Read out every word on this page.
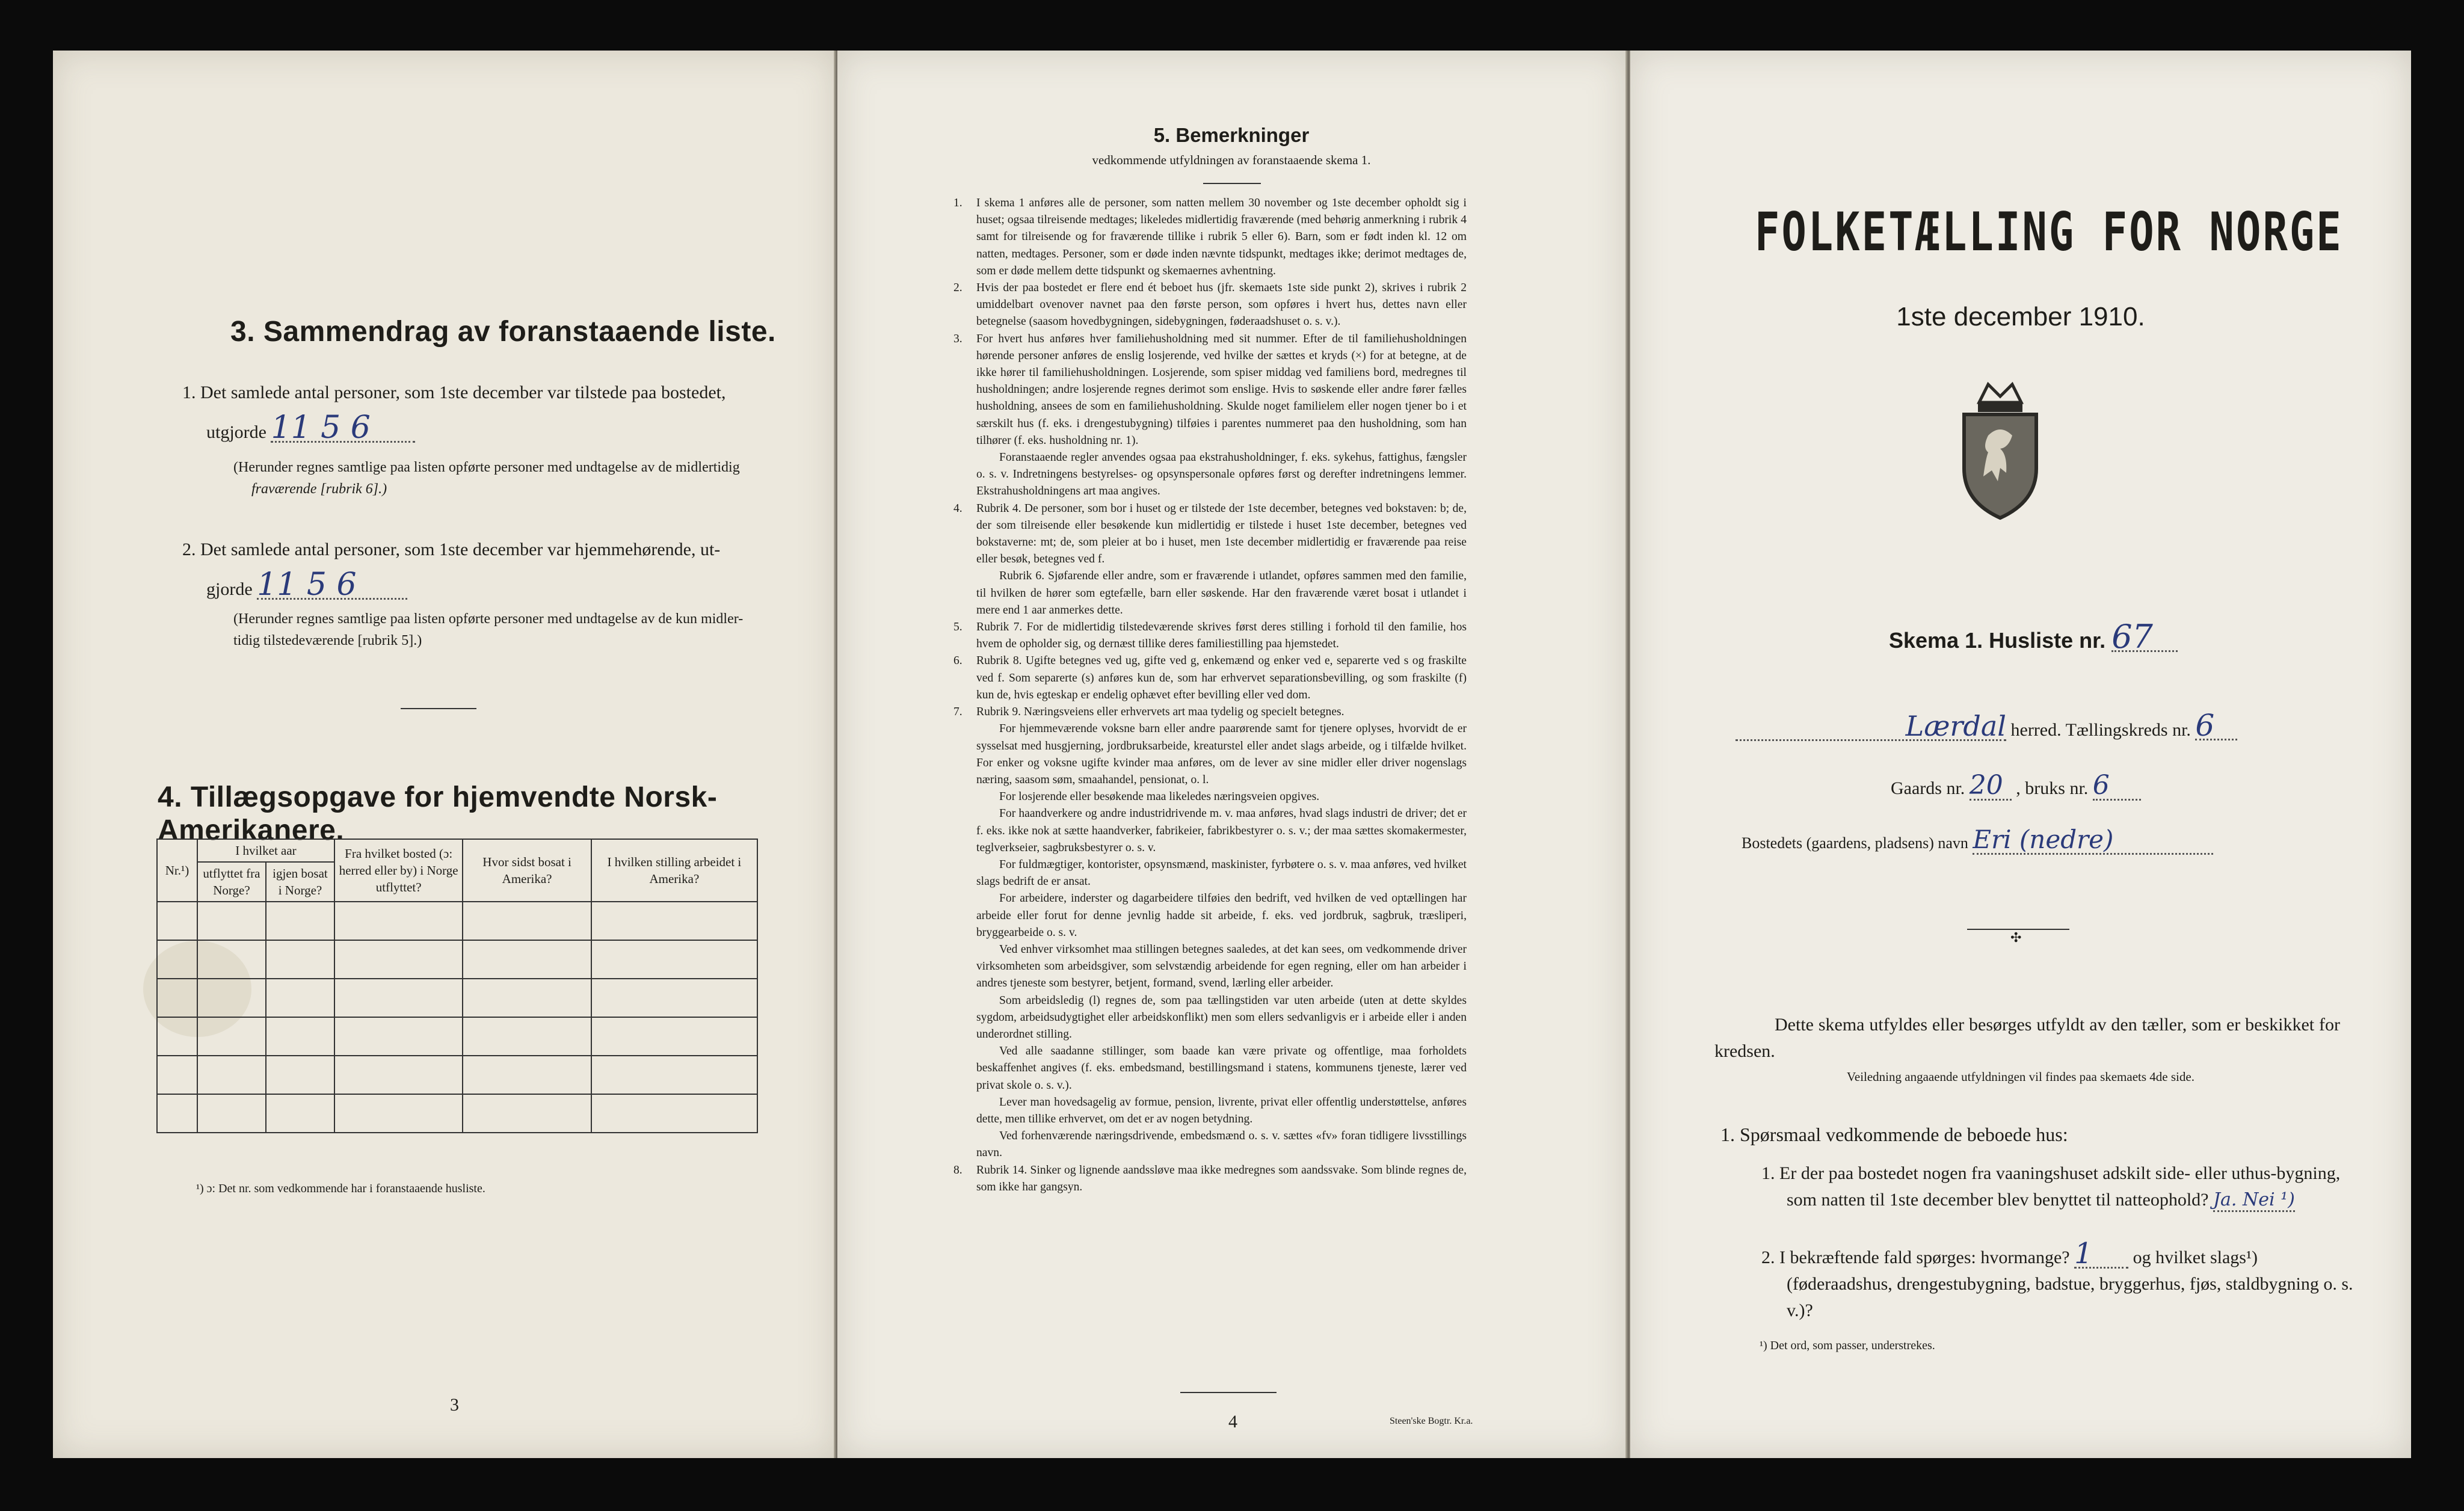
3. Sammendrag av foranstaaende liste.
1. Det samlede antal personer, som 1ste december var tilstede paa bostedet,
utgjorde 11 5 6
(Herunder regnes samtlige paa listen opførte personer med undtagelse av de midlertidig
fraværende [rubrik 6].)
2. Det samlede antal personer, som 1ste december var hjemmehørende, ut-
gjorde 11 5 6
(Herunder regnes samtlige paa listen opførte personer med undtagelse av de kun midler-
tidig tilstedeværende [rubrik 5].)
4. Tillægsopgave for hjemvendte Norsk-Amerikanere.
Nr.¹)	I hvilket aar		Fra hvilket bosted (ɔ: herred eller by) i Norge utflyttet?	Hvor sidst bosat i Amerika?	I hvilken stilling arbeidet i Amerika?
	utflyttet fra Norge?	igjen bosat i Norge?			

¹) ɔ: Det nr. som vedkommende har i foranstaaende husliste.
3
5. Bemerkninger
vedkommende utfyldningen av foranstaaende skema 1.

1. I skema 1 anføres alle de personer, som natten mellem 30 november og 1ste december opholdt sig i huset; ogsaa tilreisende medtages; likeledes midlertidig fraværende (med behørig anmerkning i rubrik 4 samt for tilreisende og for fraværende tillike i rubrik 5 eller 6). Barn, som er født inden kl. 12 om natten, medtages. Personer, som er døde inden nævnte tidspunkt, medtages ikke; derimot medtages de, som er døde mellem dette tidspunkt og skemaernes avhentning.

2. Hvis der paa bostedet er flere end ét beboet hus (jfr. skemaets 1ste side punkt 2), skrives i rubrik 2 umiddelbart ovenover navnet paa den første person, som opføres i hvert hus, dettes navn eller betegnelse (saasom hovedbygningen, sidebygningen, føderaadshuset o. s. v.).

3. For hvert hus anføres hver familiehusholdning med sit nummer. Efter de til familiehusholdningen hørende personer anføres de enslig losjerende, ved hvilke der sættes et kryds (×) for at betegne, at de ikke hører til familiehusholdningen. Losjerende, som spiser middag ved familiens bord, medregnes til husholdningen; andre losjerende regnes derimot som enslige. Hvis to søskende eller andre fører fælles husholdning, ansees de som en familiehusholdning. Skulde noget familielem eller nogen tjener bo i et særskilt hus (f. eks. i drengestubygning) tilføies i parentes nummeret paa den husholdning, som han tilhører (f. eks. husholdning nr. 1).

Foranstaaende regler anvendes ogsaa paa ekstrahusholdninger, f. eks. sykehus, fattighus, fængsler o. s. v. Indretningens bestyrelses- og opsynspersonale opføres først og derefter indretningens lemmer. Ekstrahusholdningens art maa angives.

4. Rubrik 4. De personer, som bor i huset og er tilstede der 1ste december, betegnes ved bokstaven: b; de, der som tilreisende eller besøkende kun midlertidig er tilstede i huset 1ste december, betegnes ved bokstaverne: mt; de, som pleier at bo i huset, men 1ste december midlertidig er fraværende paa reise eller besøk, betegnes ved f.

Rubrik 6. Sjøfarende eller andre, som er fraværende i utlandet, opføres sammen med den familie, til hvilken de hører som egtefælle, barn eller søskende. Har den fraværende været bosat i utlandet i mere end 1 aar anmerkes dette.

5. Rubrik 7. For de midlertidig tilstedeværende skrives først deres stilling i forhold til den familie, hos hvem de opholder sig, og dernæst tillike deres familiestilling paa hjemstedet.

6. Rubrik 8. Ugifte betegnes ved ug, gifte ved g, enkemænd og enker ved e, separerte ved s og fraskilte ved f. Som separerte (s) anføres kun de, som har erhvervet separationsbevilling, og som fraskilte (f) kun de, hvis egteskap er endelig ophævet efter bevilling eller ved dom.

7. Rubrik 9. Næringsveiens eller erhvervets art maa tydelig og specielt betegnes.

For hjemmeværende voksne barn eller andre paarørende samt for tjenere oplyses, hvorvidt de er sysselsat med husgjerning, jordbruksarbeide, kreaturstel eller andet slags arbeide, og i tilfælde hvilket. For enker og voksne ugifte kvinder maa anføres, om de lever av sine midler eller driver nogenslags næring, saasom søm, smaahandel, pensionat, o. l.

For losjerende eller besøkende maa likeledes næringsveien opgives.

For haandverkere og andre industridrivende m. v. maa anføres, hvad slags industri de driver; det er f. eks. ikke nok at sætte haandverker, fabrikeier, fabrikbestyrer o. s. v.; der maa sættes skomakermester, teglverkseier, sagbruksbestyrer o. s. v.

For fuldmægtiger, kontorister, opsynsmænd, maskinister, fyrbøtere o. s. v. maa anføres, ved hvilket slags bedrift de er ansat.

For arbeidere, inderster og dagarbeidere tilføies den bedrift, ved hvilken de ved optællingen har arbeide eller forut for denne jevnlig hadde sit arbeide, f. eks. ved jordbruk, sagbruk, træsliperi, bryggearbeide o. s. v.

Ved enhver virksomhet maa stillingen betegnes saaledes, at det kan sees, om vedkommende driver virksomheten som arbeidsgiver, som selvstændig arbeidende for egen regning, eller om han arbeider i andres tjeneste som bestyrer, betjent, formand, svend, lærling eller arbeider.

Som arbeidsledig (l) regnes de, som paa tællingstiden var uten arbeide (uten at dette skyldes sygdom, arbeidsudygtighet eller arbeidskonflikt) men som ellers sedvanligvis er i arbeide eller i anden underordnet stilling.

Ved alle saadanne stillinger, som baade kan være private og offentlige, maa forholdets beskaffenhet angives (f. eks. embedsmand, bestillingsmand i statens, kommunens tjeneste, lærer ved privat skole o. s. v.).

Lever man hovedsagelig av formue, pension, livrente, privat eller offentlig understøttelse, anføres dette, men tillike erhvervet, om det er av nogen betydning.

Ved forhenværende næringsdrivende, embedsmænd o. s. v. sættes «fv» foran tidligere livsstillings navn.

8. Rubrik 14. Sinker og lignende aandssløve maa ikke medregnes som aandssvake. Som blinde regnes de, som ikke har gangsyn.

4	Steen'ske Bogtr. Kr.a.
FOLKETÆLLING FOR NORGE
1ste december 1910.
Skema 1. Husliste nr. 67
Lærdal herred. Tællingskreds nr. 6
Gaards nr. 20 , bruks nr. 6
Bostedets (gaardens, pladsens) navn Eri (nedre)
✣
Dette skema utfyldes eller besørges utfyldt av den tæller, som er beskikket for kredsen.
Veiledning angaaende utfyldningen vil findes paa skemaets 4de side.
1. Spørsmaal vedkommende de beboede hus:
1. Er der paa bostedet nogen fra vaaningshuset adskilt side- eller uthus-bygning, som natten til 1ste december blev benyttet til natteophold? Ja. Nei ¹)
2. I bekræftende fald spørges: hvormange? 1 og hvilket slags¹) (føderaadshus, drengestubygning, badstue, bryggerhus, fjøs, staldbygning o. s. v.)?
¹) Det ord, som passer, understrekes.
